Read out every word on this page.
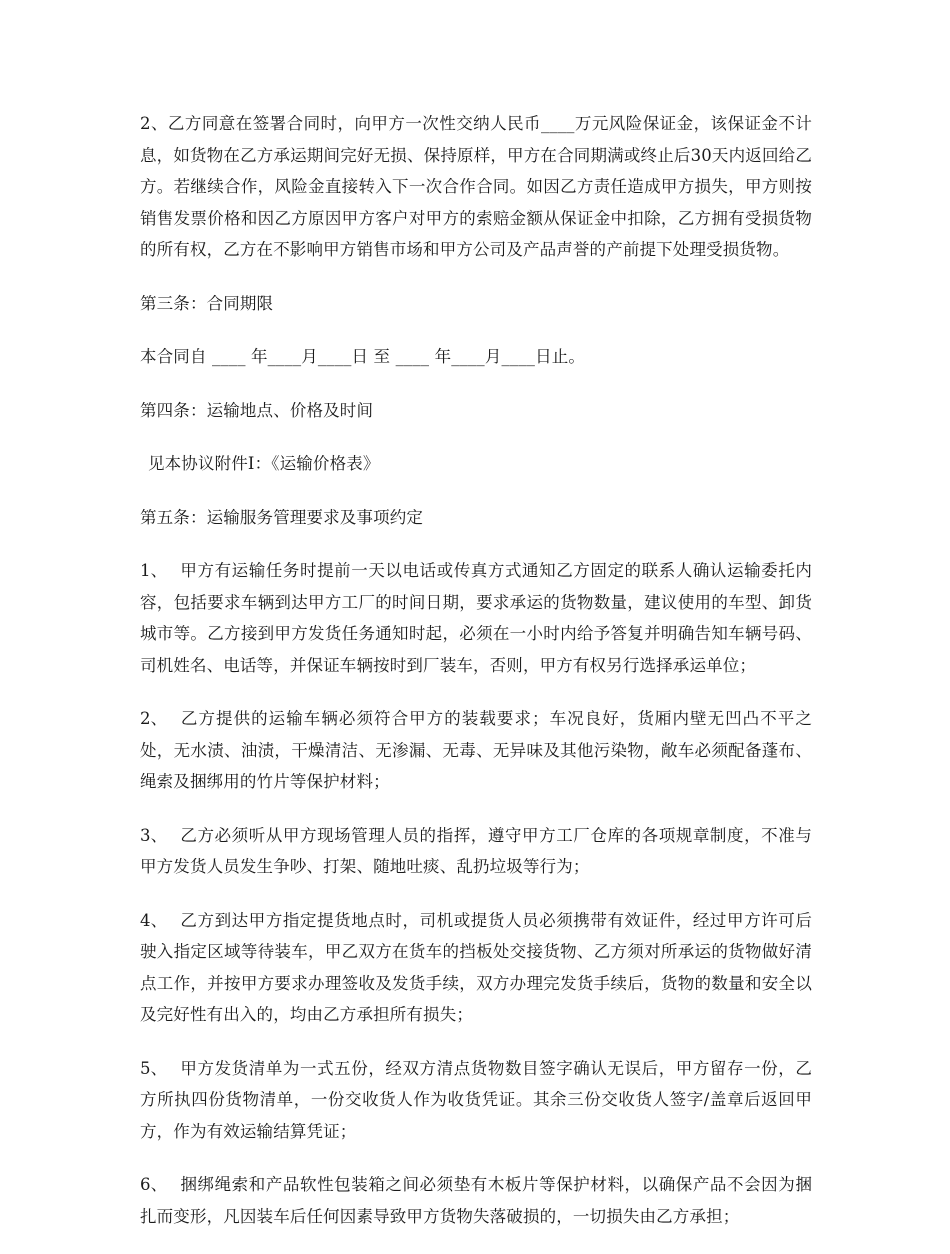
2、乙方同意在签署合同时，向甲方一次性交纳人民币____万元风险保证金，该保证金不计息，如货物在乙方承运期间完好无损、保持原样，甲方在合同期满或终止后30天内返回给乙方。若继续合作，风险金直接转入下一次合作合同。如因乙方责任造成甲方损失，甲方则按销售发票价格和因乙方原因甲方客户对甲方的索赔金额从保证金中扣除，乙方拥有受损货物的所有权，乙方在不影响甲方销售市场和甲方公司及产品声誉的产前提下处理受损货物。

第三条：合同期限

本合同自 ____ 年____月____日 至 ____ 年____月____日止。

第四条：运输地点、价格及时间

见本协议附件I：《运输价格表》

第五条：运输服务管理要求及事项约定

1、 甲方有运输任务时提前一天以电话或传真方式通知乙方固定的联系人确认运输委托内容，包括要求车辆到达甲方工厂的时间日期，要求承运的货物数量，建议使用的车型、卸货城市等。乙方接到甲方发货任务通知时起，必须在一小时内给予答复并明确告知车辆号码、司机姓名、电话等，并保证车辆按时到厂装车，否则，甲方有权另行选择承运单位；

2、 乙方提供的运输车辆必须符合甲方的装载要求；车况良好，货厢内壁无凹凸不平之处，无水渍、油渍，干燥清洁、无渗漏、无毒、无异味及其他污染物，敞车必须配备蓬布、绳索及捆绑用的竹片等保护材料；

3、 乙方必须听从甲方现场管理人员的指挥，遵守甲方工厂仓库的各项规章制度，不准与甲方发货人员发生争吵、打架、随地吐痰、乱扔垃圾等行为；

4、 乙方到达甲方指定提货地点时，司机或提货人员必须携带有效证件，经过甲方许可后驶入指定区域等待装车，甲乙双方在货车的挡板处交接货物、乙方须对所承运的货物做好清点工作，并按甲方要求办理签收及发货手续，双方办理完发货手续后，货物的数量和安全以及完好性有出入的，均由乙方承担所有损失；

5、 甲方发货清单为一式五份，经双方清点货物数目签字确认无误后，甲方留存一份，乙方所执四份货物清单，一份交收货人作为收货凭证。其余三份交收货人签字/盖章后返回甲方，作为有效运输结算凭证；

6、 捆绑绳索和产品软性包装箱之间必须垫有木板片等保护材料，以确保产品不会因为捆扎而变形，凡因装车后任何因素导致甲方货物失落破损的，一切损失由乙方承担；
